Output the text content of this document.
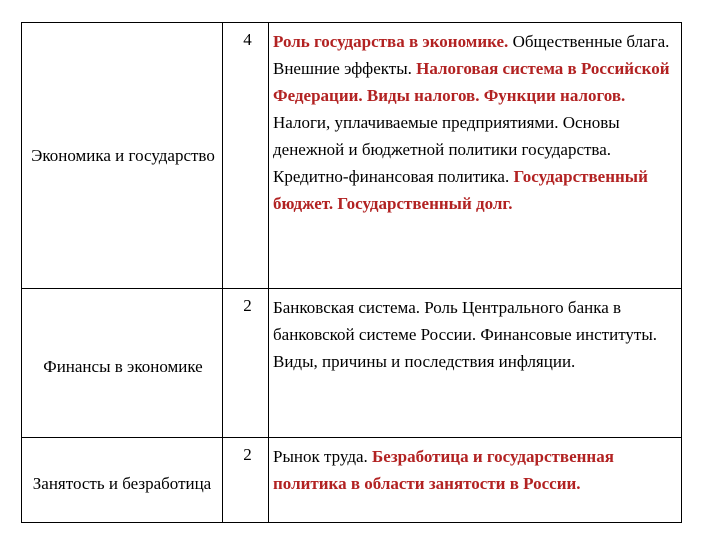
Экономика и государство	4	Роль государства в экономике. Общественные блага. Внешние эффекты. Налоговая система в Российской Федерации. Виды налогов. Функции налогов. Налоги, уплачиваемые предприятиями. Основы денежной и бюджетной политики государства. Кредитно-финансовая политика. Государственный бюджет. Государственный долг.

Финансы в экономике	2	Банковская система. Роль Центрального банка в банковской системе России. Финансовые институты. Виды, причины и последствия инфляции.

Занятость и безработица	2	Рынок труда. Безработица и государственная политика в области занятости в России.
